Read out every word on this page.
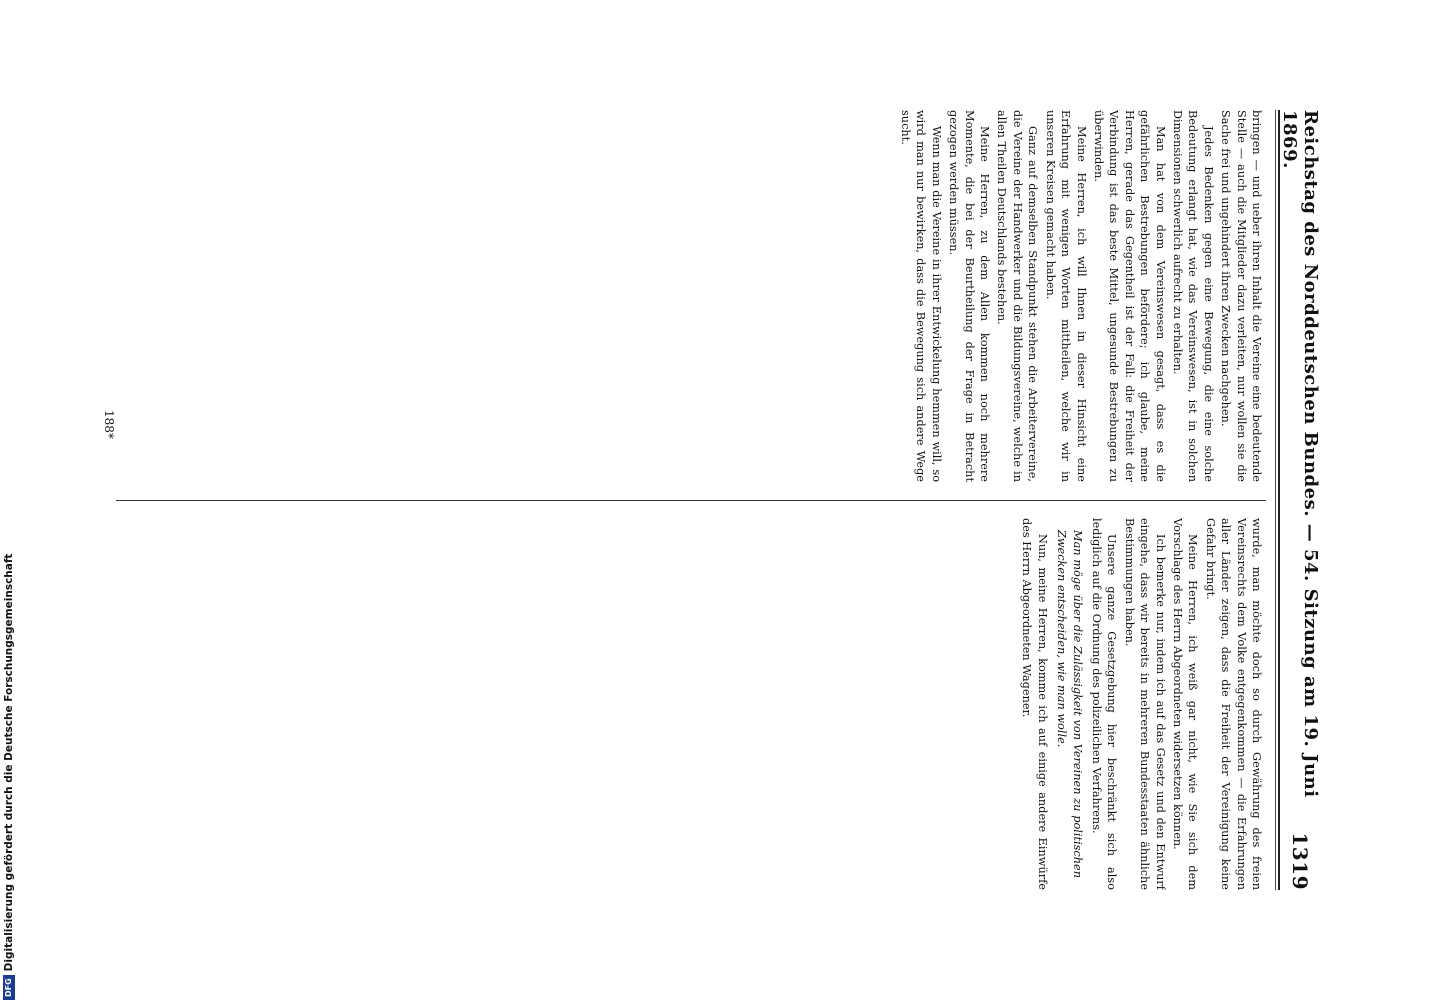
Reichstag des Norddeutschen Bundes. — 54. Sitzung am 19. Juni 1869.
1319

bringen — und ueber ihren Inhalt die Vereine eine bedeutende Stelle — auch die Mitglieder dazu verleiten, nur wollen sie die Sache frei und ungehindert ihren Zwecken nachgehen.

Jedes Bedenken gegen eine Bewegung, die eine solche Bedeutung erlangt hat, wie das Vereinswesen, ist in solchen Dimensionen schwerlich aufrecht zu erhalten.

Man hat von dem Vereinswesen gesagt, dass es die gefährlichen Bestrebungen befördere; ich glaube, meine Herren, gerade das Gegentheil ist der Fall: die Freiheit der Verbindung ist das beste Mittel, ungesunde Bestrebungen zu überwinden.

Meine Herren, ich will Ihnen in dieser Hinsicht eine Erfahrung mit wenigen Worten mittheilen, welche wir in unseren Kreisen gemacht haben.

Ganz auf demselben Standpunkt stehen die Arbeitervereine, die Vereine der Handwerker und die Bildungsvereine, welche in allen Theilen Deutschlands bestehen.

Meine Herren, zu dem Allen kommen noch mehrere Momente, die bei der Beurtheilung der Frage in Betracht gezogen werden müssen.

Wenn man die Vereine in ihrer Entwickelung hemmen will, so wird man nur bewirken, dass die Bewegung sich andere Wege sucht.

wurde, man möchte doch so durch Gewährung des freien Vereinsrechts dem Volke entgegenkommen — die Erfahrungen aller Länder zeigen, dass die Freiheit der Vereinigung keine Gefahr bringt.

Meine Herren, ich weiß gar nicht, wie Sie sich dem Vorschlage des Herrn Abgeordneten widersetzen können.

Ich bemerke nur, indem ich auf das Gesetz und den Entwurf eingehe, dass wir bereits in mehreren Bundesstaaten ähnliche Bestimmungen haben.

Unsere ganze Gesetzgebung hier beschränkt sich also lediglich auf die Ordnung des polizeilichen Verfahrens.

Man möge über die Zulässigkeit von Vereinen zu politischen Zwecken entscheiden, wie man wolle.

Nun, meine Herren, komme ich auf einige andere Einwürfe des Herrn Abgeordneten Wagener.

188*
DFG
Digitalisierung gefördert durch die Deutsche Forschungsgemeinschaft
